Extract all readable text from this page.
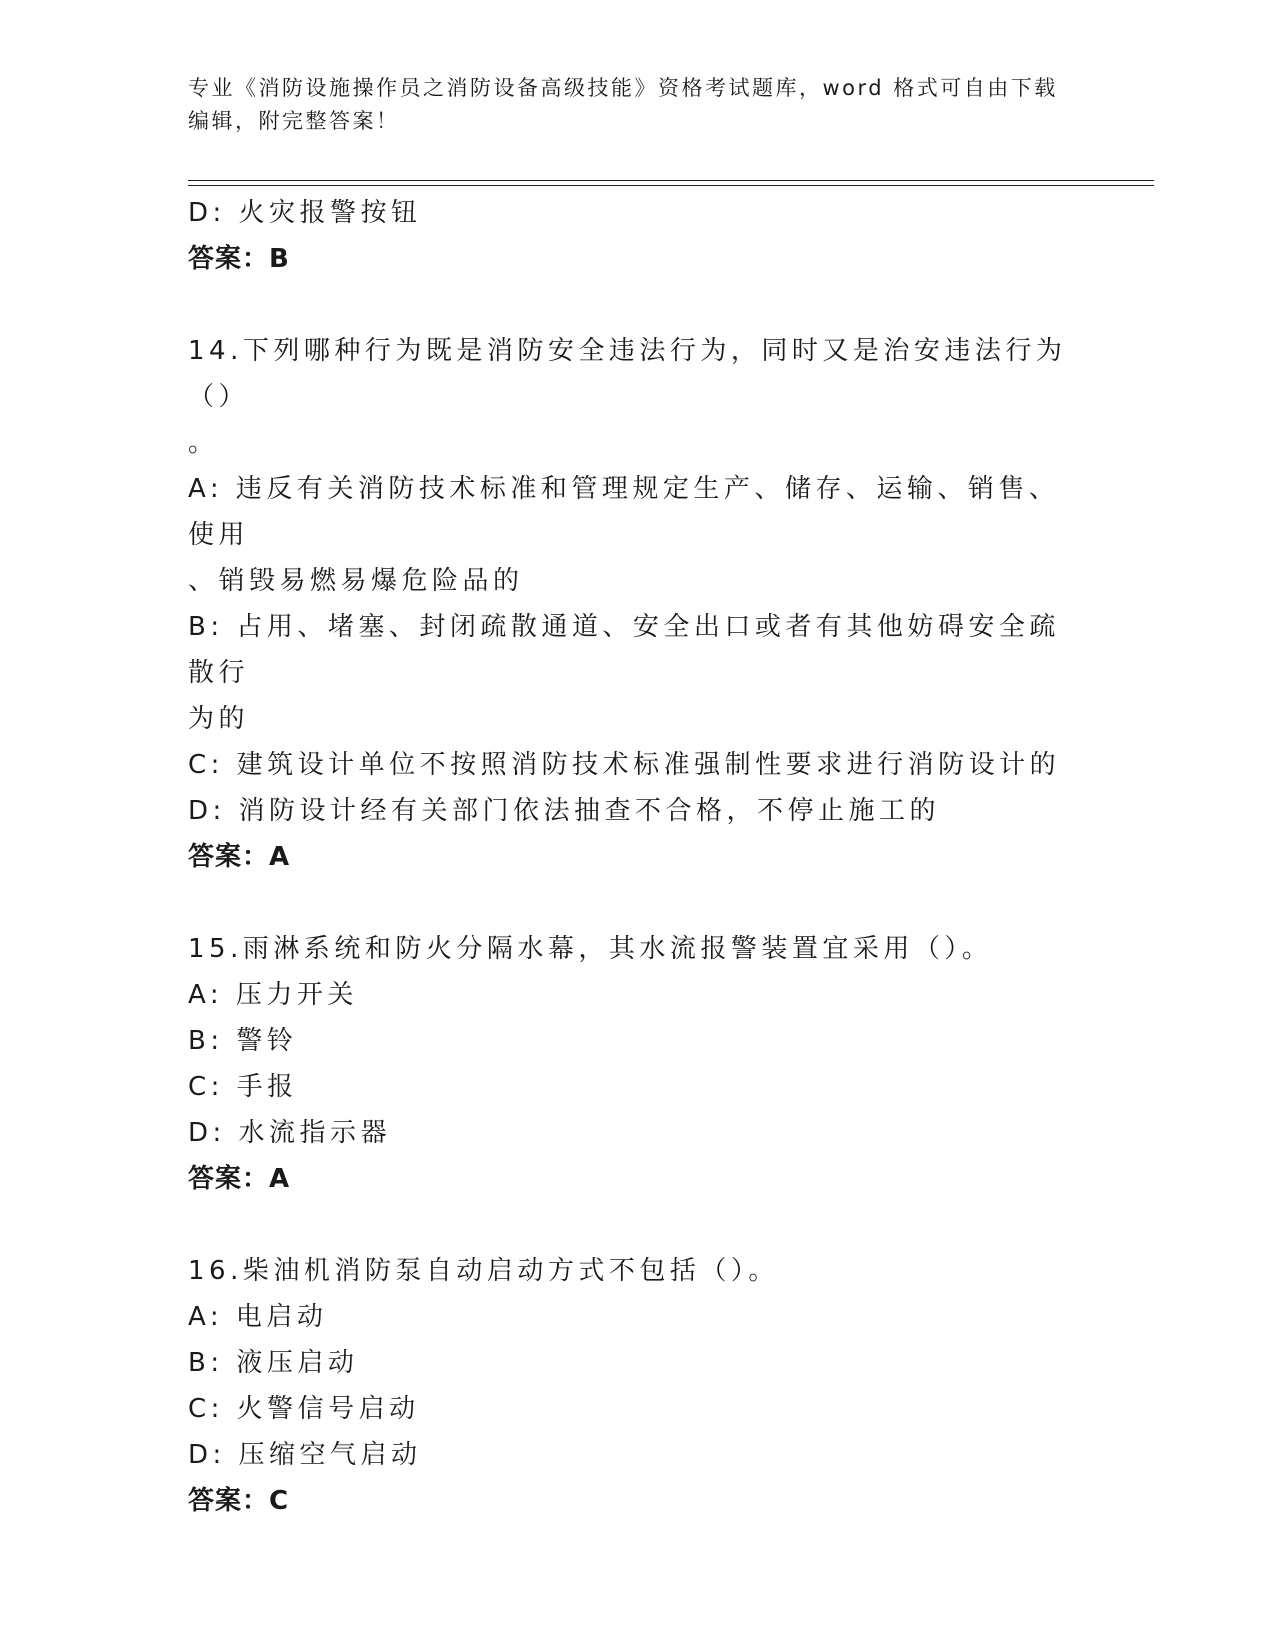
专业《消防设施操作员之消防设备高级技能》资格考试题库，word 格式可自由下载编辑，附完整答案！
D: 火灾报警按钮
答案：B
14.下列哪种行为既是消防安全违法行为，同时又是治安违法行为（）
。
A: 违反有关消防技术标准和管理规定生产、储存、运输、销售、使用
、销毁易燃易爆危险品的
B: 占用、堵塞、封闭疏散通道、安全出口或者有其他妨碍安全疏散行
为的
C: 建筑设计单位不按照消防技术标准强制性要求进行消防设计的
D: 消防设计经有关部门依法抽查不合格，不停止施工的
答案：A
15.雨淋系统和防火分隔水幕，其水流报警装置宜采用（）。
A: 压力开关
B: 警铃
C: 手报
D: 水流指示器
答案：A
16.柴油机消防泵自动启动方式不包括（）。
A: 电启动
B: 液压启动
C: 火警信号启动
D: 压缩空气启动
答案：C
